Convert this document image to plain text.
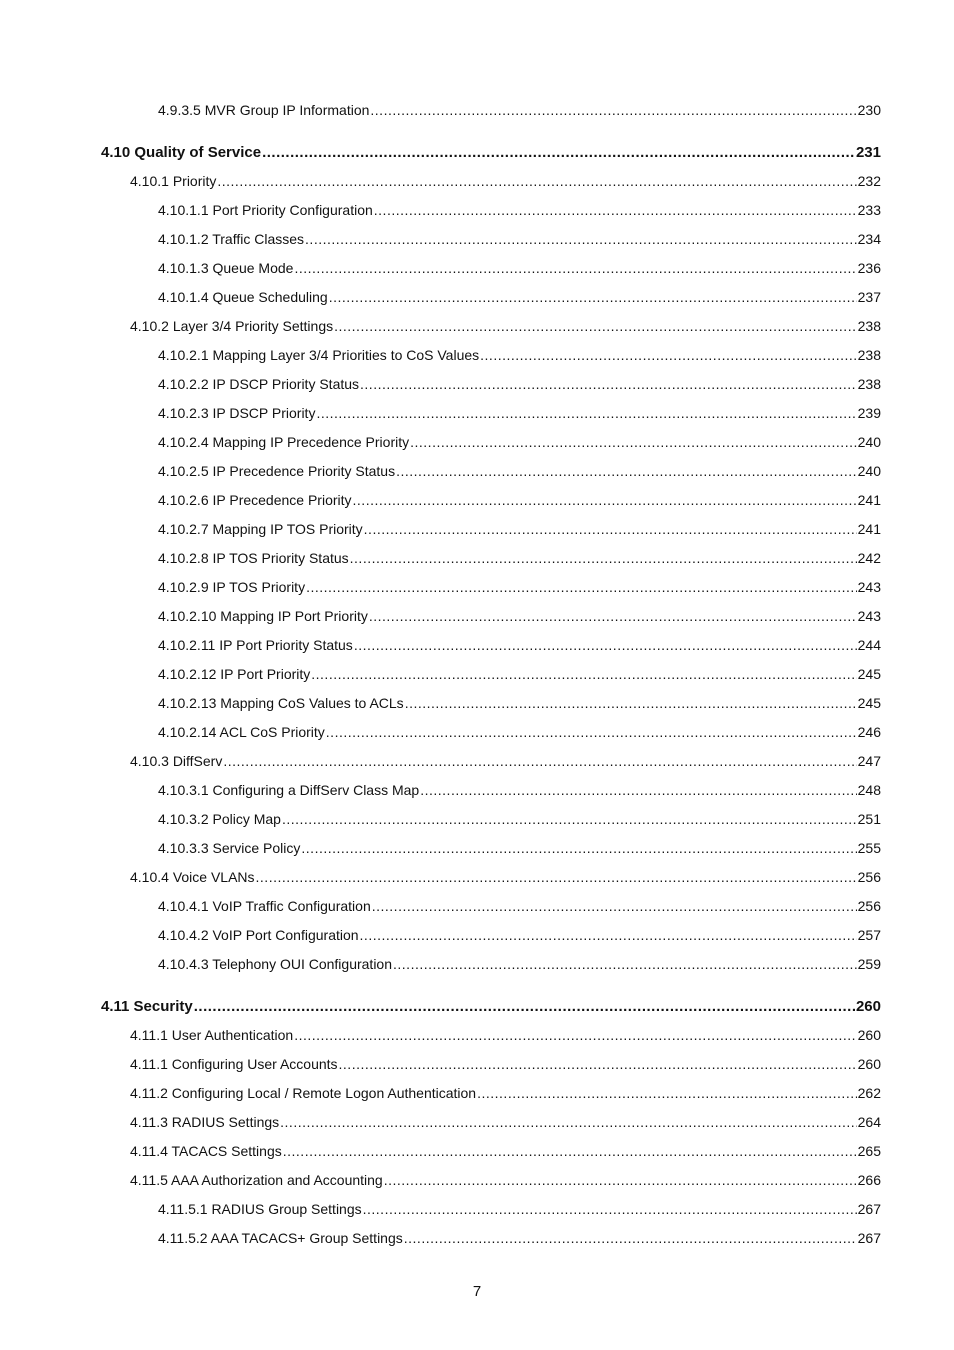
4.9.3.5 MVR Group IP Information .....	230
4.10 Quality of Service .....	231
4.10.1 Priority .....	232
4.10.1.1 Port Priority Configuration .....	233
4.10.1.2 Traffic Classes .....	234
4.10.1.3 Queue Mode .....	236
4.10.1.4 Queue Scheduling .....	237
4.10.2 Layer 3/4 Priority Settings .....	238
4.10.2.1 Mapping Layer 3/4 Priorities to CoS Values .....	238
4.10.2.2 IP DSCP Priority Status .....	238
4.10.2.3 IP DSCP Priority .....	239
4.10.2.4 Mapping IP Precedence Priority .....	240
4.10.2.5 IP Precedence Priority Status .....	240
4.10.2.6 IP Precedence Priority .....	241
4.10.2.7 Mapping IP TOS Priority .....	241
4.10.2.8 IP TOS Priority Status .....	242
4.10.2.9 IP TOS Priority .....	243
4.10.2.10 Mapping IP Port Priority .....	243
4.10.2.11 IP Port Priority Status .....	244
4.10.2.12 IP Port Priority .....	245
4.10.2.13 Mapping CoS Values to ACLs .....	245
4.10.2.14 ACL CoS Priority .....	246
4.10.3 DiffServ .....	247
4.10.3.1 Configuring a DiffServ Class Map .....	248
4.10.3.2 Policy Map .....	251
4.10.3.3 Service Policy .....	255
4.10.4 Voice VLANs .....	256
4.10.4.1 VoIP Traffic Configuration .....	256
4.10.4.2 VoIP Port Configuration .....	257
4.10.4.3 Telephony OUI Configuration .....	259
4.11 Security .....	260
4.11.1 User Authentication .....	260
4.11.1 Configuring User Accounts .....	260
4.11.2 Configuring Local / Remote Logon Authentication .....	262
4.11.3 RADIUS Settings .....	264
4.11.4 TACACS Settings .....	265
4.11.5 AAA Authorization and Accounting .....	266
4.11.5.1 RADIUS Group Settings .....	267
4.11.5.2 AAA TACACS+ Group Settings .....	267
7
